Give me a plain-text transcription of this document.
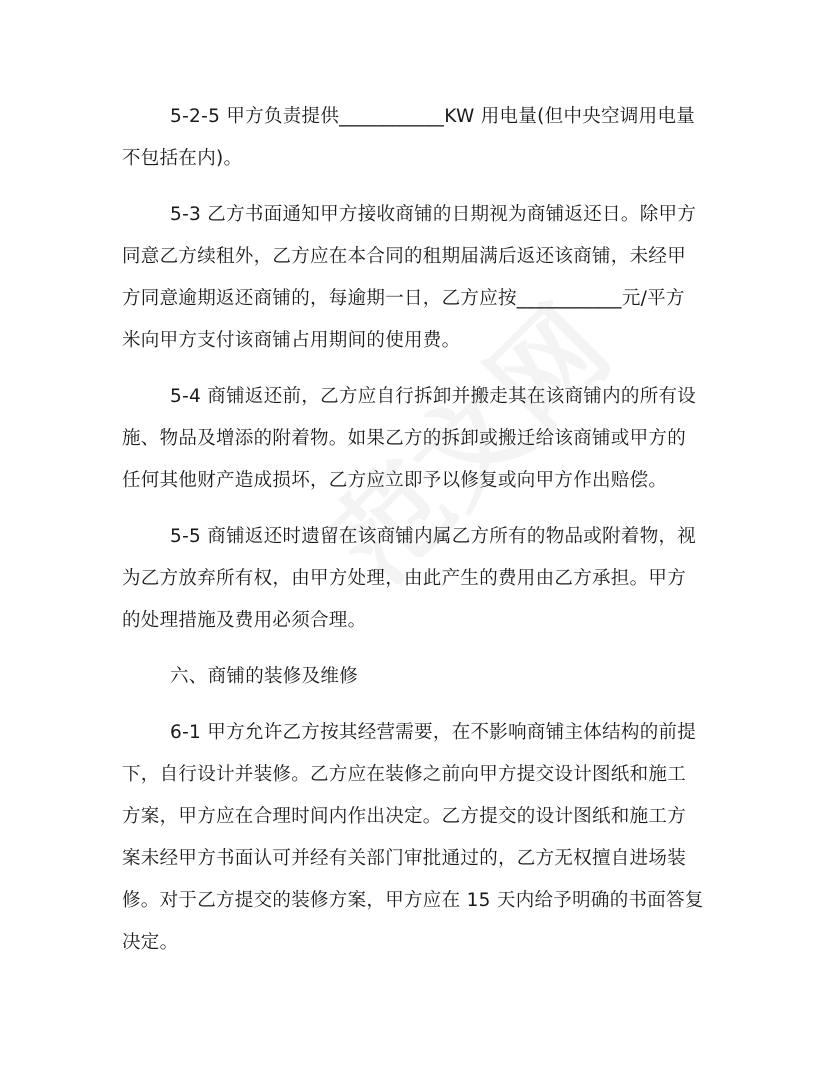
5-2-5 甲方负责提供___________KW 用电量(但中央空调用电量
不包括在内)。
5-3 乙方书面通知甲方接收商铺的日期视为商铺返还日。除甲方
同意乙方续租外，乙方应在本合同的租期届满后返还该商铺，未经甲
方同意逾期返还商铺的，每逾期一日，乙方应按___________元/平方
米向甲方支付该商铺占用期间的使用费。
5-4 商铺返还前，乙方应自行拆卸并搬走其在该商铺内的所有设
施、物品及增添的附着物。如果乙方的拆卸或搬迁给该商铺或甲方的
任何其他财产造成损坏，乙方应立即予以修复或向甲方作出赔偿。
5-5 商铺返还时遗留在该商铺内属乙方所有的物品或附着物，视
为乙方放弃所有权，由甲方处理，由此产生的费用由乙方承担。甲方
的处理措施及费用必须合理。
六、商铺的装修及维修
6-1 甲方允许乙方按其经营需要，在不影响商铺主体结构的前提
下，自行设计并装修。乙方应在装修之前向甲方提交设计图纸和施工
方案，甲方应在合理时间内作出决定。乙方提交的设计图纸和施工方
案未经甲方书面认可并经有关部门审批通过的，乙方无权擅自进场装
修。对于乙方提交的装修方案，甲方应在 15 天内给予明确的书面答复
决定。
